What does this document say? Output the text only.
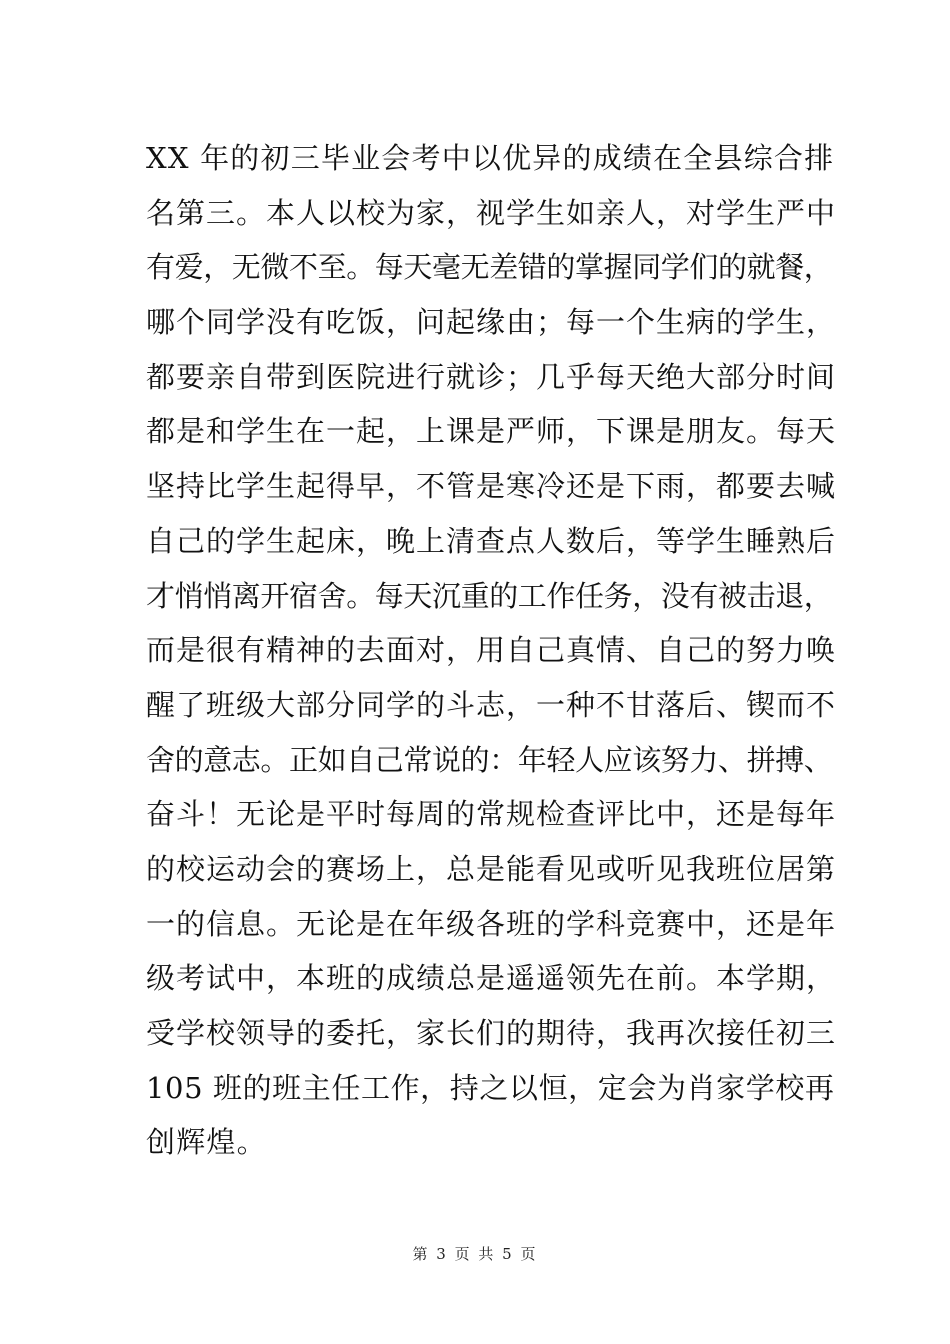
XX 年的初三毕业会考中以优异的成绩在全县综合排
名第三。本人以校为家，视学生如亲人，对学生严中
有爱，无微不至。每天毫无差错的掌握同学们的就餐，
哪个同学没有吃饭，问起缘由；每一个生病的学生，
都要亲自带到医院进行就诊；几乎每天绝大部分时间
都是和学生在一起，上课是严师，下课是朋友。每天
坚持比学生起得早，不管是寒冷还是下雨，都要去喊
自己的学生起床，晚上清查点人数后，等学生睡熟后
才悄悄离开宿舍。每天沉重的工作任务，没有被击退，
而是很有精神的去面对，用自己真情、自己的努力唤
醒了班级大部分同学的斗志，一种不甘落后、锲而不
舍的意志。正如自己常说的：年轻人应该努力、拼搏、
奋斗！无论是平时每周的常规检查评比中，还是每年
的校运动会的赛场上，总是能看见或听见我班位居第
一的信息。无论是在年级各班的学科竞赛中，还是年
级考试中，本班的成绩总是遥遥领先在前。本学期，
受学校领导的委托，家长们的期待，我再次接任初三
105 班的班主任工作，持之以恒，定会为肖家学校再
创辉煌。
第 3 页 共 5 页
